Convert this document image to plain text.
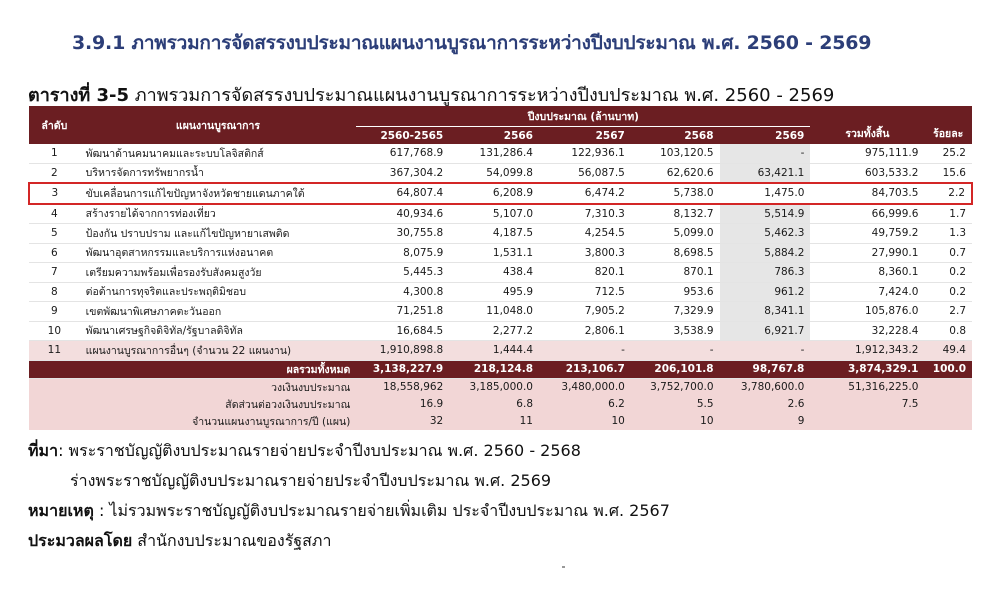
3.9.1 ภาพรวมการจัดสรรงบประมาณแผนงานบูรณาการระหว่างปีงบประมาณ พ.ศ. 2560 - 2569
ตารางที่ 3-5 ภาพรวมการจัดสรรงบประมาณแผนงานบูรณาการระหว่างปีงบประมาณ พ.ศ. 2560 - 2569
ลำดับ	แผนงานบูรณาการ	ปีงบประมาณ (ล้านบาท)					รวมทั้งสิ้น	ร้อยละ
		2560-2565	2566	2567	2568	2569		
1	พัฒนาด้านคมนาคมและระบบโลจิสติกส์	617,768.9	131,286.4	122,936.1	103,120.5	-	975,111.9	25.2
2	บริหารจัดการทรัพยากรน้ำ	367,304.2	54,099.8	56,087.5	62,620.6	63,421.1	603,533.2	15.6
3	ขับเคลื่อนการแก้ไขปัญหาจังหวัดชายแดนภาคใต้	64,807.4	6,208.9	6,474.2	5,738.0	1,475.0	84,703.5	2.2
4	สร้างรายได้จากการท่องเที่ยว	40,934.6	5,107.0	7,310.3	8,132.7	5,514.9	66,999.6	1.7
5	ป้องกัน ปราบปราม และแก้ไขปัญหายาเสพติด	30,755.8	4,187.5	4,254.5	5,099.0	5,462.3	49,759.2	1.3
6	พัฒนาอุตสาหกรรมและบริการแห่งอนาคต	8,075.9	1,531.1	3,800.3	8,698.5	5,884.2	27,990.1	0.7
7	เตรียมความพร้อมเพื่อรองรับสังคมสูงวัย	5,445.3	438.4	820.1	870.1	786.3	8,360.1	0.2
8	ต่อต้านการทุจริตและประพฤติมิชอบ	4,300.8	495.9	712.5	953.6	961.2	7,424.0	0.2
9	เขตพัฒนาพิเศษภาคตะวันออก	71,251.8	11,048.0	7,905.2	7,329.9	8,341.1	105,876.0	2.7
10	พัฒนาเศรษฐกิจดิจิทัล/รัฐบาลดิจิทัล	16,684.5	2,277.2	2,806.1	3,538.9	6,921.7	32,228.4	0.8
11	แผนงานบูรณาการอื่นๆ (จำนวน 22 แผนงาน)	1,910,898.8	1,444.4	-	-	-	1,912,343.2	49.4
ผลรวมทั้งหมด		3,138,227.9	218,124.8	213,106.7	206,101.8	98,767.8	3,874,329.1	100.0
วงเงินงบประมาณ		18,558,962	3,185,000.0	3,480,000.0	3,752,700.0	3,780,600.0	51,316,225.0	
สัดส่วนต่อวงเงินงบประมาณ		16.9	6.8	6.2	5.5	2.6	7.5	
จำนวนแผนงานบูรณาการ/ปี (แผน)		32	11	10	10	9		
ที่มา: พระราชบัญญัติงบประมาณรายจ่ายประจำปีงบประมาณ พ.ศ. 2560 - 2568
ร่างพระราชบัญญัติงบประมาณรายจ่ายประจำปีงบประมาณ พ.ศ. 2569
หมายเหตุ : ไม่รวมพระราชบัญญัติงบประมาณรายจ่ายเพิ่มเติม ประจำปีงบประมาณ พ.ศ. 2567
ประมวลผลโดย สำนักงบประมาณของรัฐสภา
